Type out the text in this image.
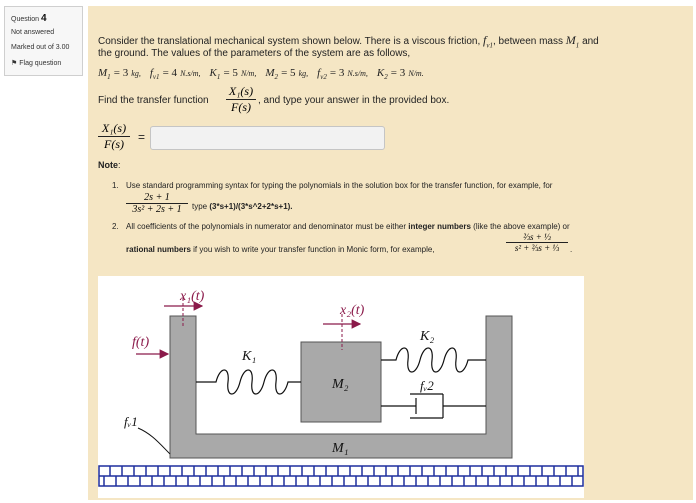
Question 4
Not answered
Marked out of 3.00
⚑ Flag question
Consider the translational mechanical system shown below. There is a viscous friction, $f_{v1}$, between mass $M_1$ and
the ground. The values of the parameters of the system are as follows,
$M_1 = 3$ kg, $f_{v1} = 4$ N.s/m, $K_1 = 5$ N/m, $M_2 = 5$ kg, $f_{v2} = 3$ N.s/m, $K_2 = 3$ N/m.
Find the transfer function
X₁(s)
F(s) , and type your answer in the provided box.
X₁(s)
F(s)	=
Note:
1. Use standard programming syntax for typing the polynomials in the solution box for the transfer function, for example, for
2s + 1
3s² + 2s + 1	type (3*s+1)/(3*s^2+2*s+1).
2. All coefficients of the polynomials in numerator and denominator must be either integer numbers (like the above example) or
rational numbers if you wish to write your transfer function in Monic form, for example,
⅔s + ⅓
s² + ⅔s + ⅓	.
x₁(t)
x₂(t)
f(t)
K₁
K₂
M₂
M₁
fᵥ2
fᵥ1
